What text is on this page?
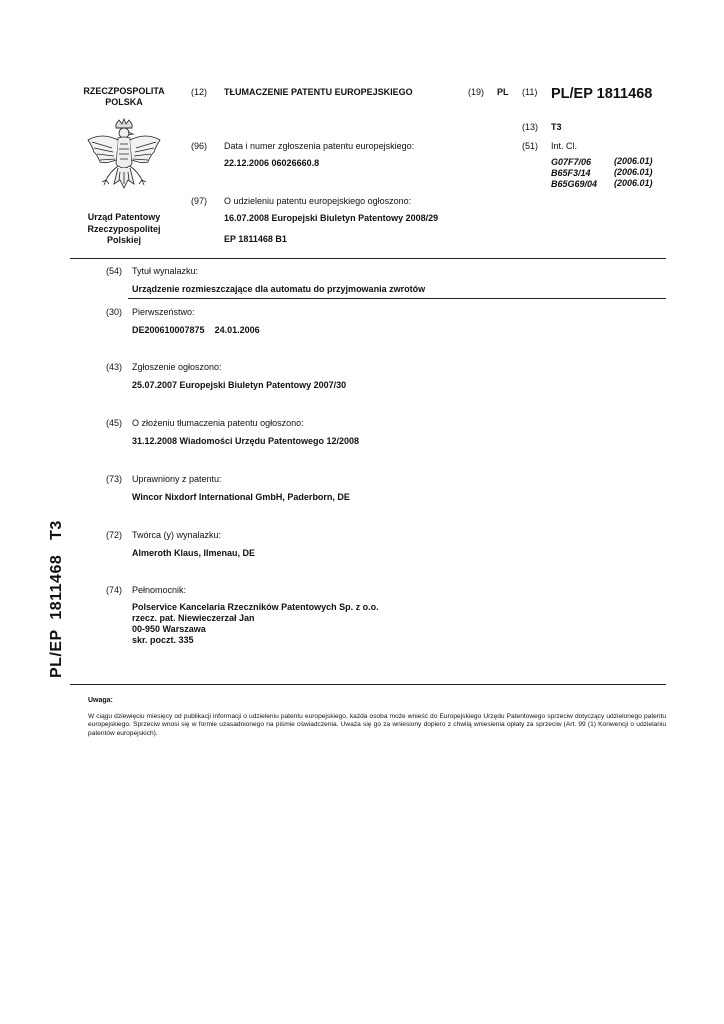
RZECZPOSPOLITA
POLSKA
Urząd Patentowy
Rzeczypospolitej
Polskiej
(12) TŁUMACZENIE PATENTU EUROPEJSKIEGO	(19) PL (11) PL/EP 1811468
(13) T3
(96) Data i numer zgłoszenia patentu europejskiego:
22.12.2006 06026660.8
(51) Int. Cl.
G07F7/06	(2006.01)
B65F3/14	(2006.01)
B65G69/04 (2006.01)
(97) O udzieleniu patentu europejskiego ogłoszono:
16.07.2008 Europejski Biuletyn Patentowy 2008/29
EP 1811468 B1
(54) Tytuł wynalazku:
Urządzenie rozmieszczające dla automatu do przyjmowania zwrotów
(30) Pierwszeństwo:
DE200610007875    24.01.2006
(43) Zgłoszenie ogłoszono:
25.07.2007 Europejski Biuletyn Patentowy 2007/30
(45) O złożeniu tłumaczenia patentu ogłoszono:
31.12.2008 Wiadomości Urzędu Patentowego 12/2008
(73) Uprawniony z patentu:
Wincor Nixdorf International GmbH, Paderborn, DE
(72) Twórca (y) wynalazku:
Almeroth Klaus, Ilmenau, DE
(74) Pełnomocnik:
Polservice Kancelaria Rzeczników Patentowych Sp. z o.o.
rzecz. pat. Niewieczerzał Jan
00-950 Warszawa
skr. poczt. 335
PL/EP  1811468   T3
Uwaga:
W ciągu dziewięciu miesięcy od publikacji informacji o udzieleniu patentu europejskiego, każda osoba może wnieść do Europejskiego Urzędu Patentowego sprzeciw dotyczący udzielonego patentu europejskiego. Sprzeciw wnosi się w formie uzasadnionego na piśmie oświadczenia. Uważa się go za wniesiony dopiero z chwilą wniesienia opłaty za sprzeciw (Art. 99 (1) Konwencji o udzielaniu patentów europejskich).
